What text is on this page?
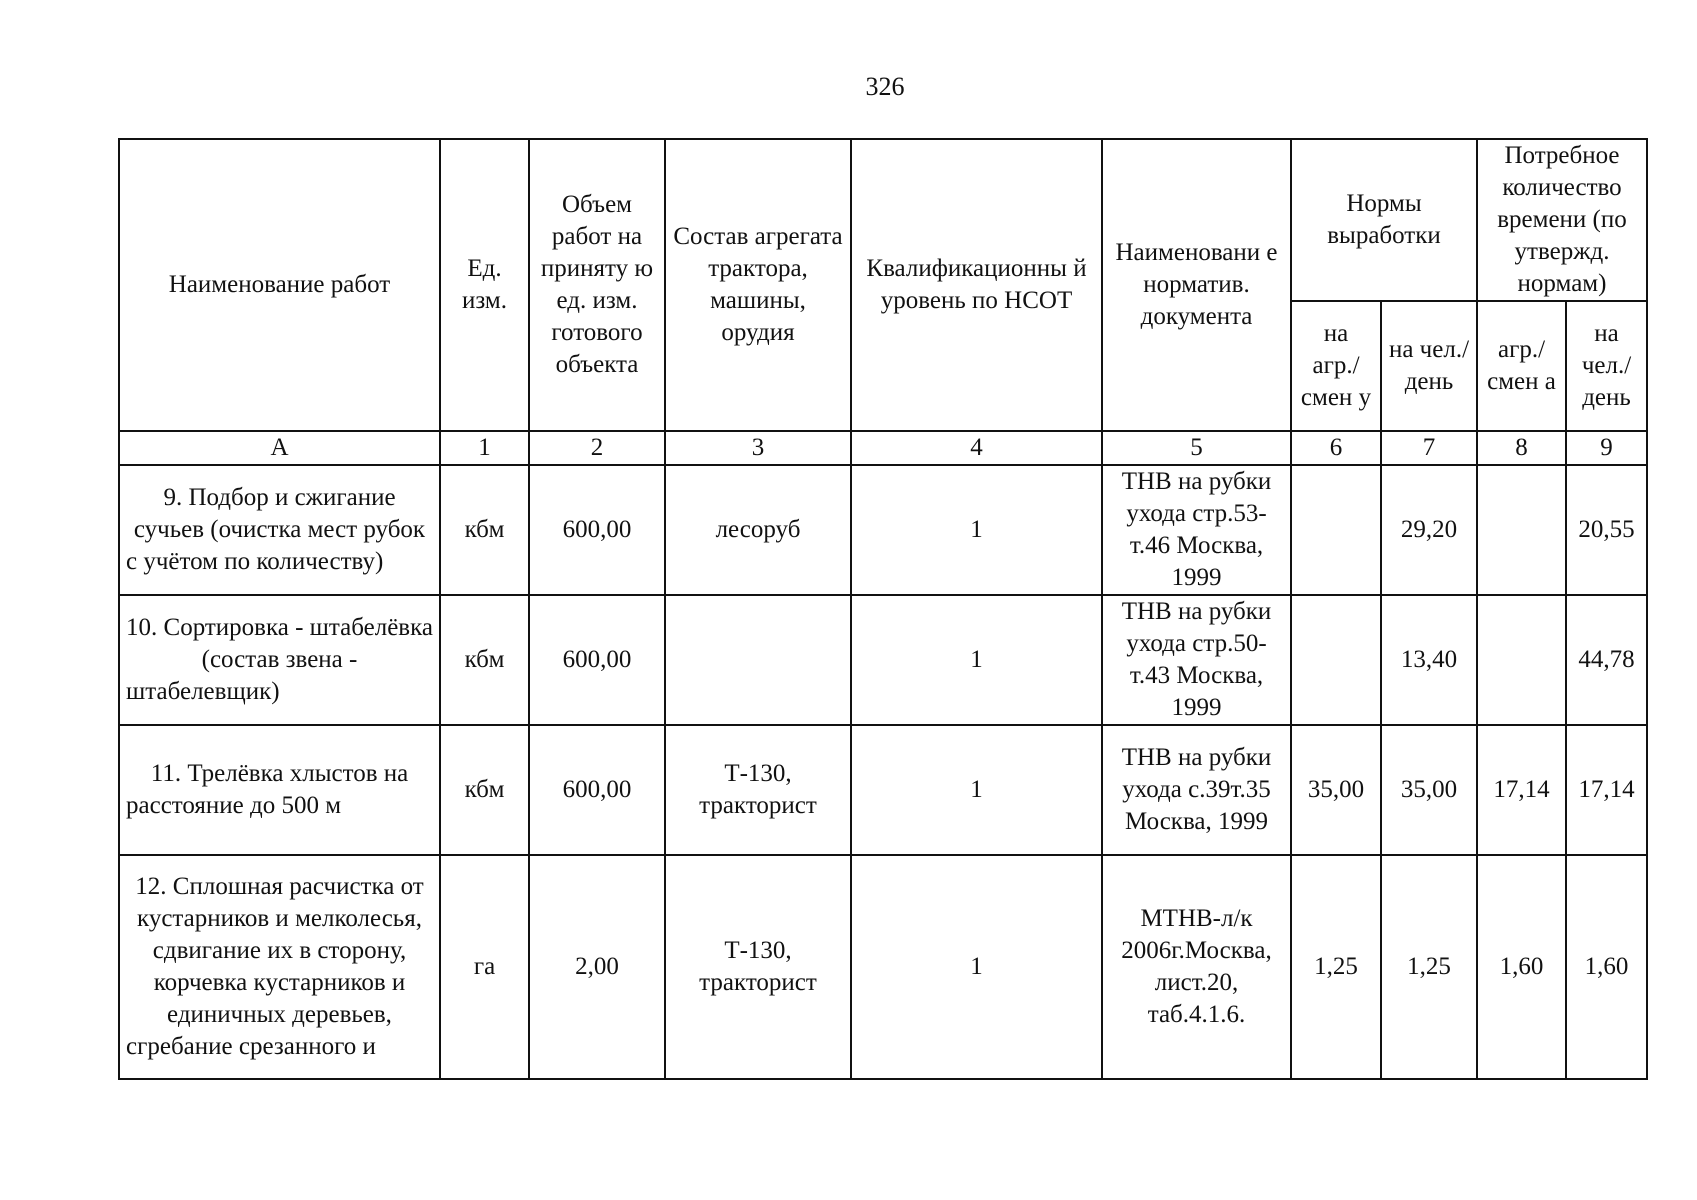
326
Наименование работ	Ед. изм.	Объем работ на приняту ю ед. изм. готового объекта	Состав агрегата трактора, машины, орудия	Квалификационны й уровень по НСОТ	Наименовани е норматив. документа	Нормы выработки		Потребное количество времени (по утвержд. нормам)	
						на агр./ смен у	на чел./ день	агр./ смен а	на чел./ день
А	1	2	3	4	5	6	7	8	9
9. Подбор и сжигание сучьев (очистка мест рубок с учётом по количеству)	кбм	600,00	лесоруб	1	ТНВ на рубки ухода стр.53-т.46 Москва, 1999		29,20		20,55
10. Сортировка - штабелёвка (состав звена - штабелевщик)	кбм	600,00		1	ТНВ на рубки ухода стр.50-т.43 Москва, 1999		13,40		44,78
11. Трелёвка хлыстов на расстояние до 500 м	кбм	600,00	Т-130, тракторист	1	ТНВ на рубки ухода с.39т.35 Москва, 1999	35,00	35,00	17,14	17,14
12. Сплошная расчистка от кустарников и мелколесья, сдвигание их в сторону, корчевка кустарников и единичных деревьев, сгребание срезанного и	га	2,00	Т-130, тракторист	1	МТНВ-л/к 2006г.Москва, лист.20, таб.4.1.6.	1,25	1,25	1,60	1,60
